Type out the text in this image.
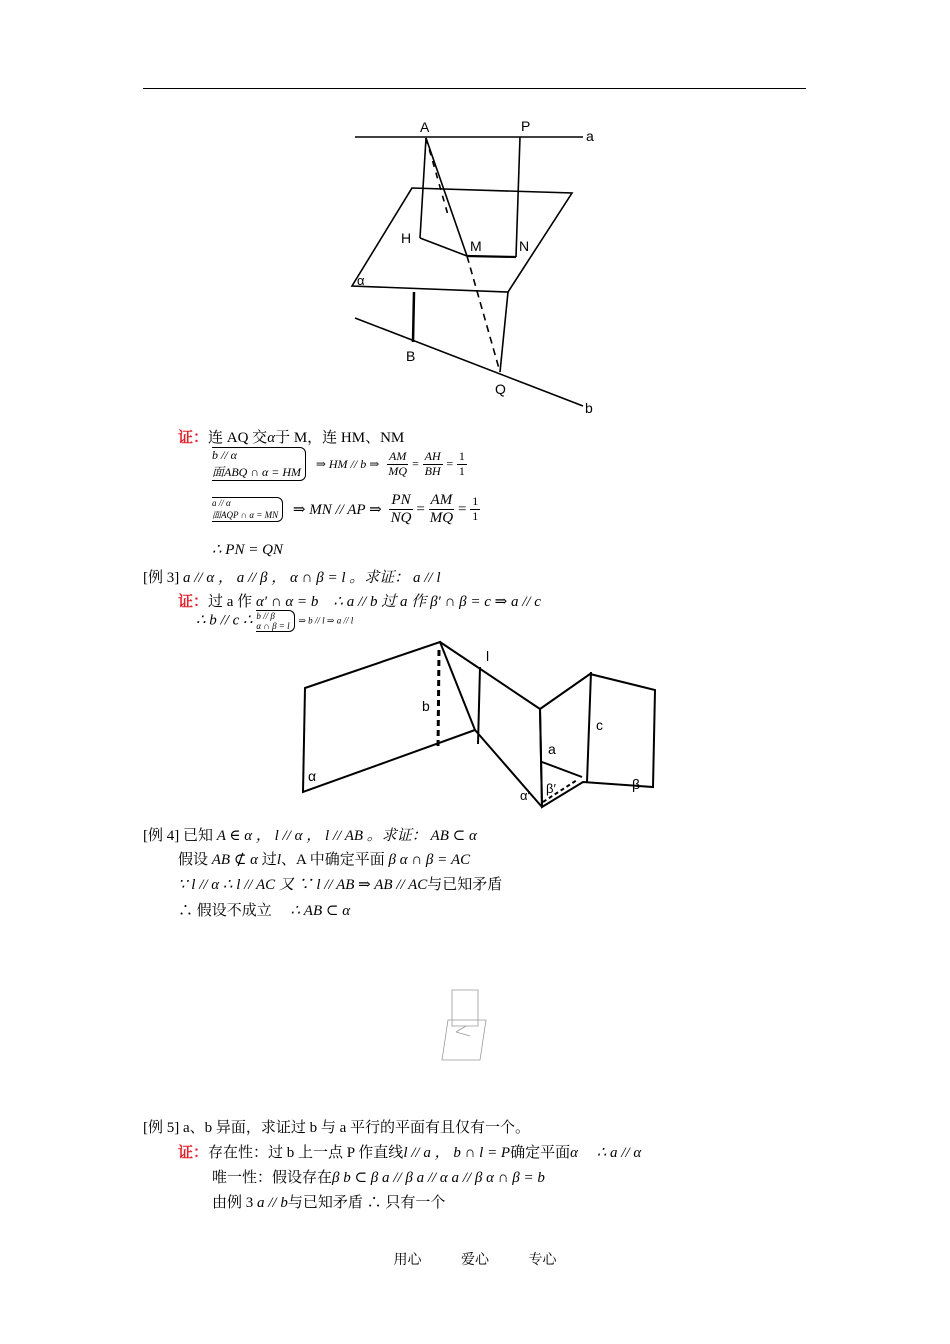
A	P
a
H	M	N
α
B
Q
b
证：连 AQ 交α于 M，连 HM、NM
b // α
面ABQ ∩ α = HM
⇒ HM // b ⇒ $\frac{AM}{MQ} = \frac{AH}{BH} = \frac{1}{1}$
a // α
面AQP ∩ α = MN ⇒ MN // AP ⇒ $\frac{PN}{NQ} = \frac{AM}{MQ} = \frac{1}{1}$
∴ PN = QN
[例 3] a // α ， a // β ， α ∩ β = l 。求证： a // l
证：过 a 作 α′ ∩ α = b ∴ a // b 过 a 作 β′ ∩ β = c ⇒ a // c
∴ b // c ∴ b // β
α ∩ β = l
⇒ b // l ⇒ a // l
l
b
c
a
α
α′ β′	β
[例 4] 已知 A ∈ α ， l // α ， l // AB 。求证： AB ⊂ α
假设 AB ⊄ α 过l、A 中确定平面 β α ∩ β = AC
∵ l // α ∴ l // AC 又 ∵ l // AB ⇒ AB // AC与已知矛盾
∴ 假设不成立 ∴ AB ⊂ α
[例 5] a、b 异面，求证过 b 与 a 平行的平面有且仅有一个。
证：存在性：过 b 上一点 P 作直线l // a ， b ∩ l = P确定平面α ∴ a // α
唯一性：假设存在β b ⊂ β a // β a // α a // β α ∩ β = b
由例 3 a // b与已知矛盾 ∴ 只有一个
用心	爱心	专心
